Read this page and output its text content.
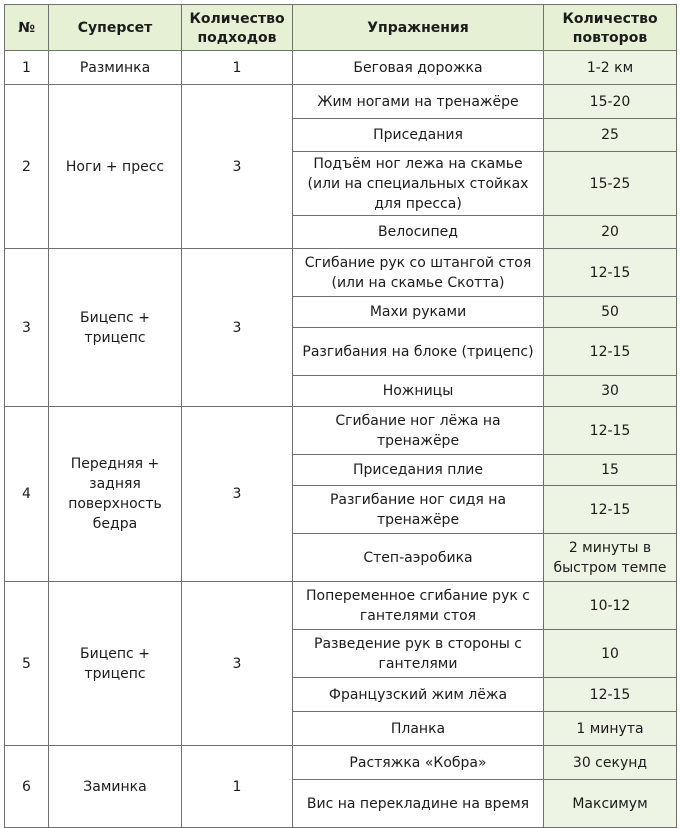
№	Суперсет	Количество подходов	Упражнения	Количество повторов
1	Разминка	1	Беговая дорожка	1-2 км
2	Ноги + пресс	3	Жим ногами на тренажёре	15-20
			Приседания	25
			Подъём ног лежа на скамье (или на специальных стойках для пресса)	15-25
			Велосипед	20
3	Бицепс + трицепс	3	Сгибание рук со штангой стоя (или на скамье Скотта)	12-15
			Махи руками	50
			Разгибания на блоке (трицепс)	12-15
			Ножницы	30
4	Передняя + задняя поверхность бедра	3	Сгибание ног лёжа на тренажёре	12-15
			Приседания плие	15
			Разгибание ног сидя на тренажёре	12-15
			Степ-аэробика	2 минуты в быстром темпе
5	Бицепс + трицепс	3	Попеременное сгибание рук с гантелями стоя	10-12
			Разведение рук в стороны с гантелями	10
			Французский жим лёжа	12-15
			Планка	1 минута
6	Заминка	1	Растяжка «Кобра»	30 секунд
			Вис на перекладине на время	Максимум
